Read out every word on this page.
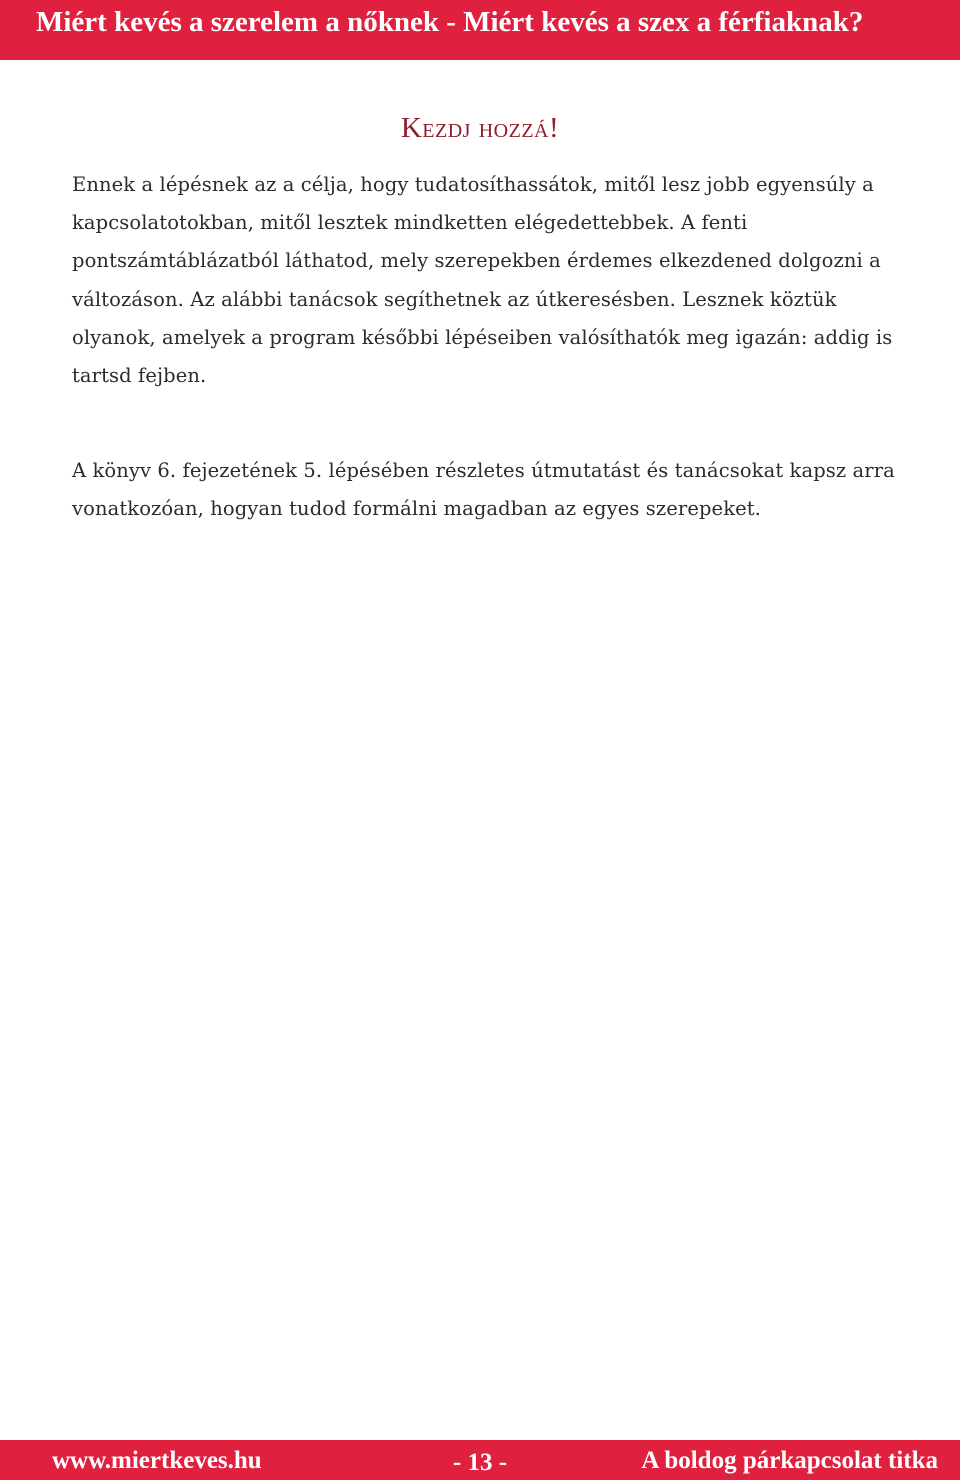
Miért kevés a szerelem a nőknek - Miért kevés a szex a férfiaknak?
Kezdj hozzá!

Ennek a lépésnek az a célja, hogy tudatosíthassátok, mitől lesz jobb egyensúly a kapcsolatotokban, mitől lesztek mindketten elégedettebbek. A fenti pontszámtáblázatból láthatod, mely szerepekben érdemes elkezdened dolgozni a változáson. Az alábbi tanácsok segíthetnek az útkeresésben. Lesznek köztük olyanok, amelyek a program későbbi lépéseiben valósíthatók meg igazán: addig is tartsd fejben.

A könyv 6. fejezetének 5. lépésében részletes útmutatást és tanácsokat kapsz arra vonatkozóan, hogyan tudod formálni magadban az egyes szerepeket.

www.miertkeves.hu	- 13 -	A boldog párkapcsolat titka
